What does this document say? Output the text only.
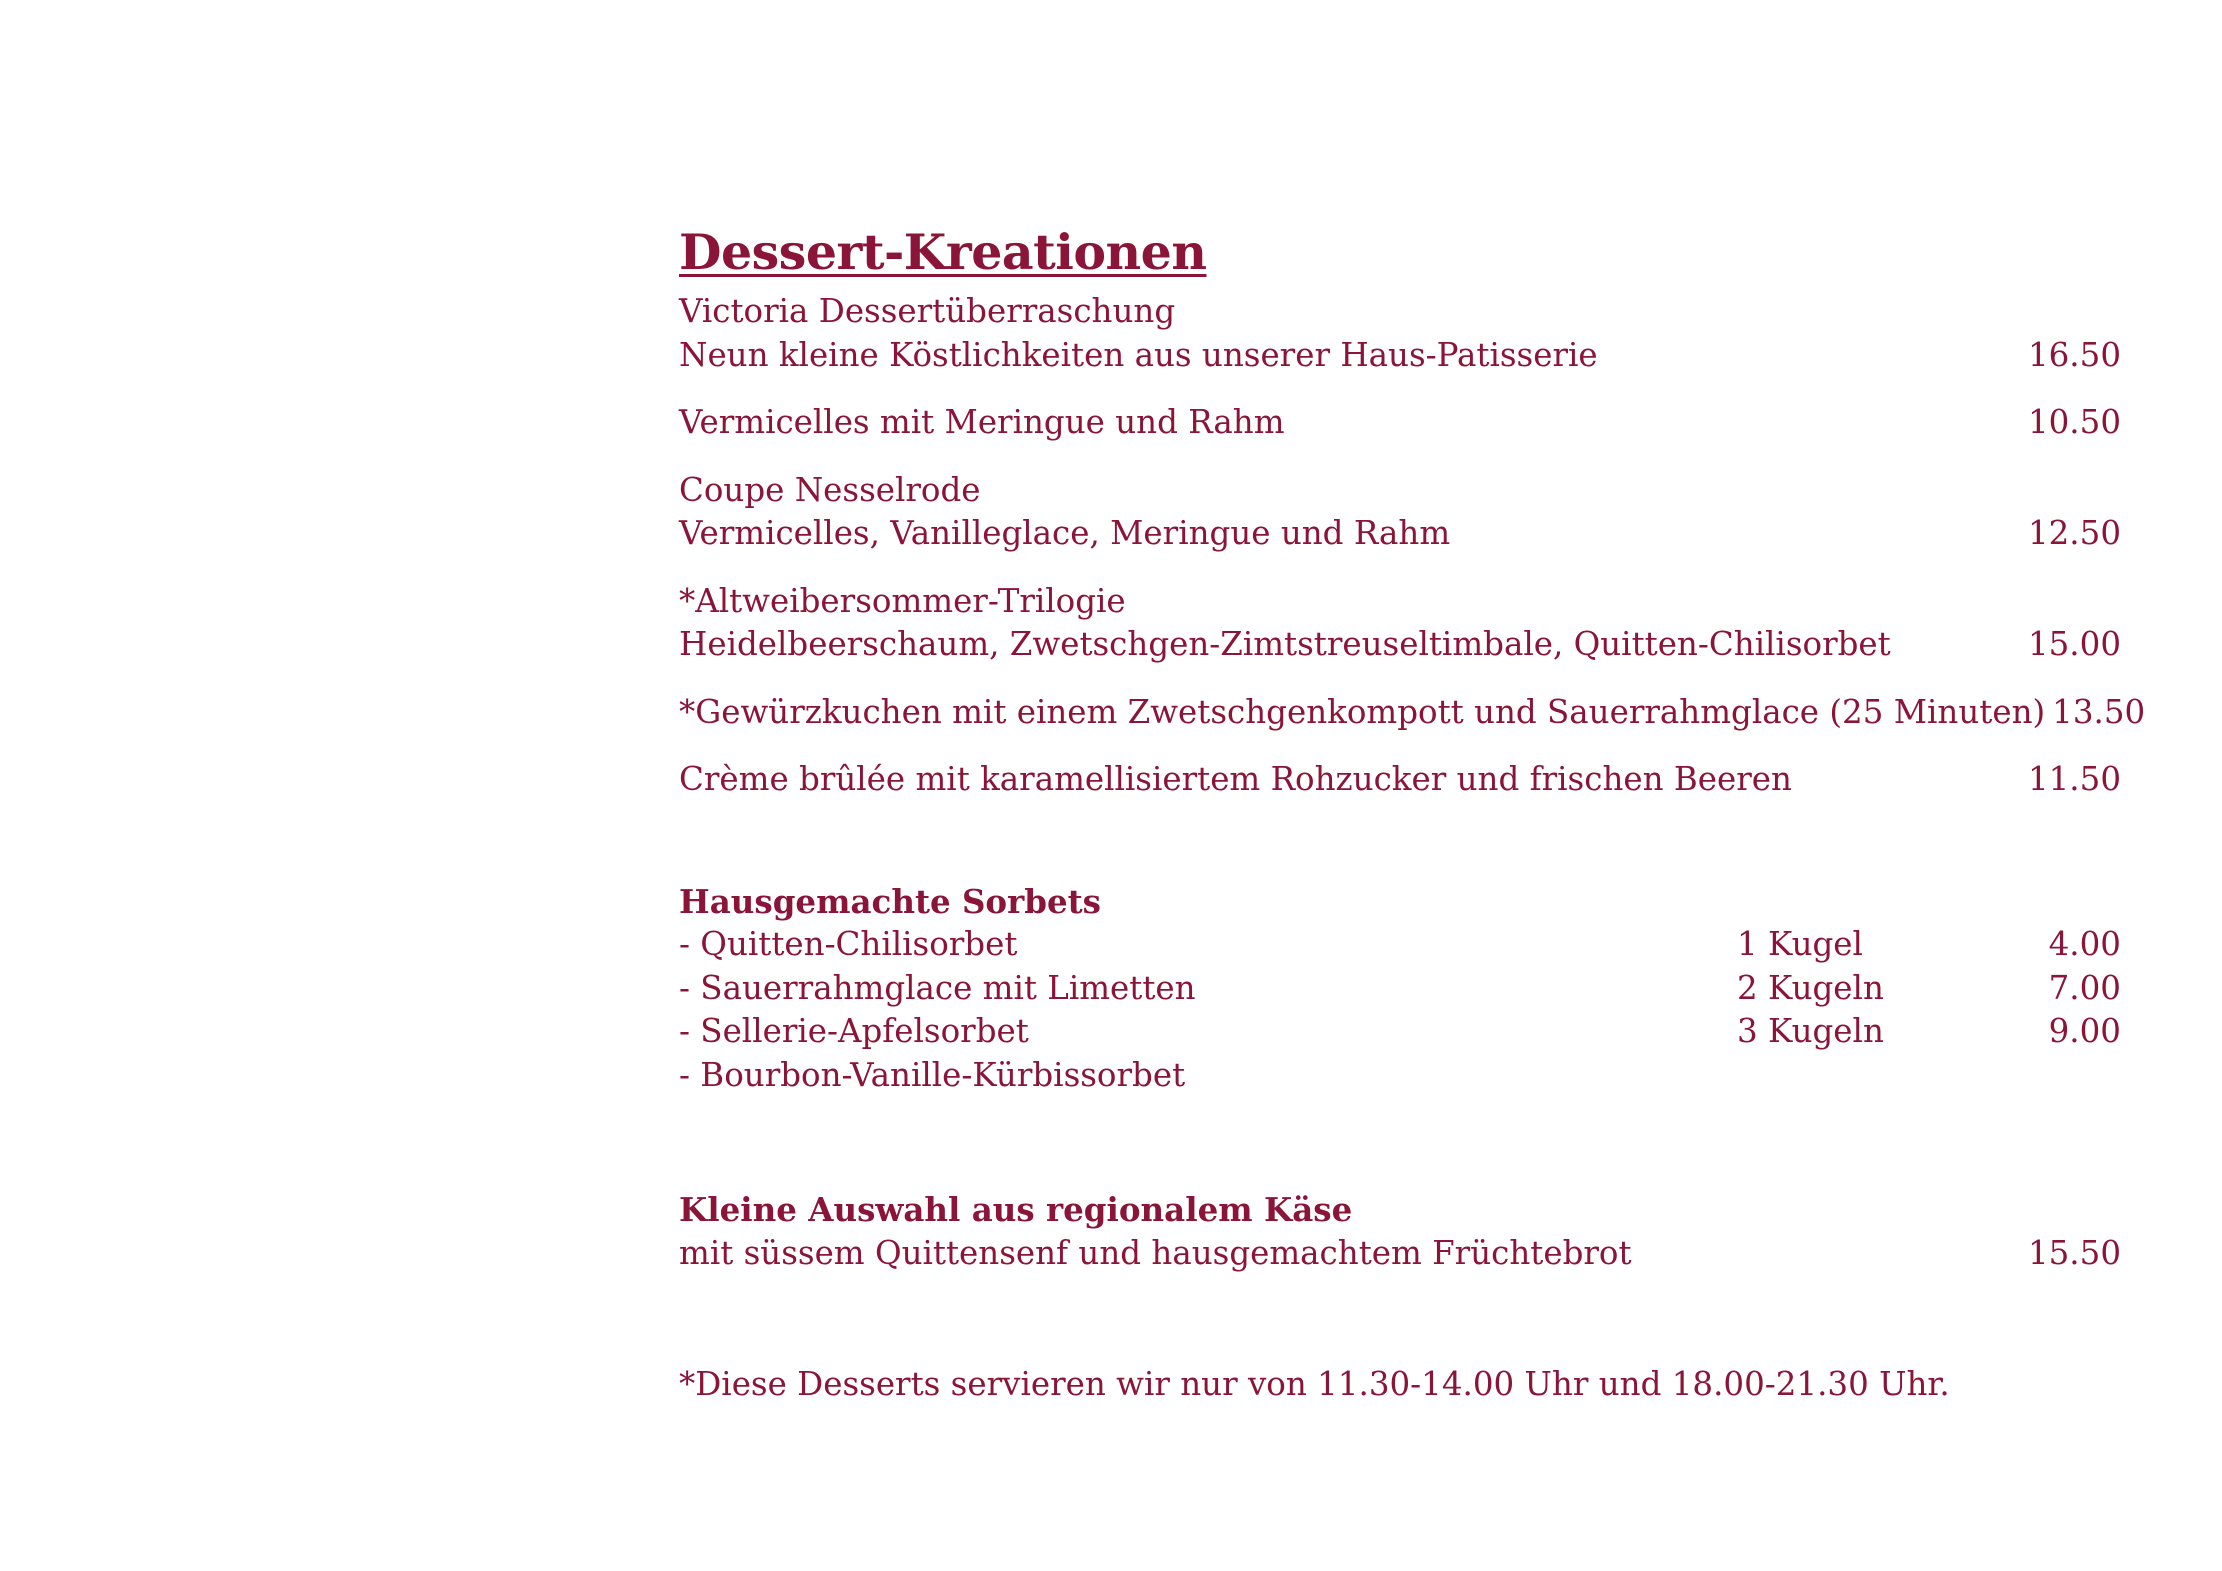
Dessert-Kreationen
Victoria Dessertüberraschung
Neun kleine Köstlichkeiten aus unserer Haus-Patisserie	16.50
Vermicelles mit Meringue und Rahm	10.50
Coupe Nesselrode
Vermicelles, Vanilleglace, Meringue und Rahm	12.50
*Altweibersommer-Trilogie
Heidelbeerschaum, Zwetschgen-Zimtstreuseltimbale, Quitten-Chilisorbet	15.00
*Gewürzkuchen mit einem Zwetschgenkompott und Sauerrahmglace (25 Minuten) 13.50
Crème brûlée mit karamellisiertem Rohzucker und frischen Beeren	11.50
Hausgemachte Sorbets
- Quitten-Chilisorbet	1 Kugel	4.00
- Sauerrahmglace mit Limetten	2 Kugeln	7.00
- Sellerie-Apfelsorbet	3 Kugeln	9.00
- Bourbon-Vanille-Kürbissorbet
Kleine Auswahl aus regionalem Käse
mit süssem Quittensenf und hausgemachtem Früchtebrot	15.50
*Diese Desserts servieren wir nur von 11.30-14.00 Uhr und 18.00-21.30 Uhr.
